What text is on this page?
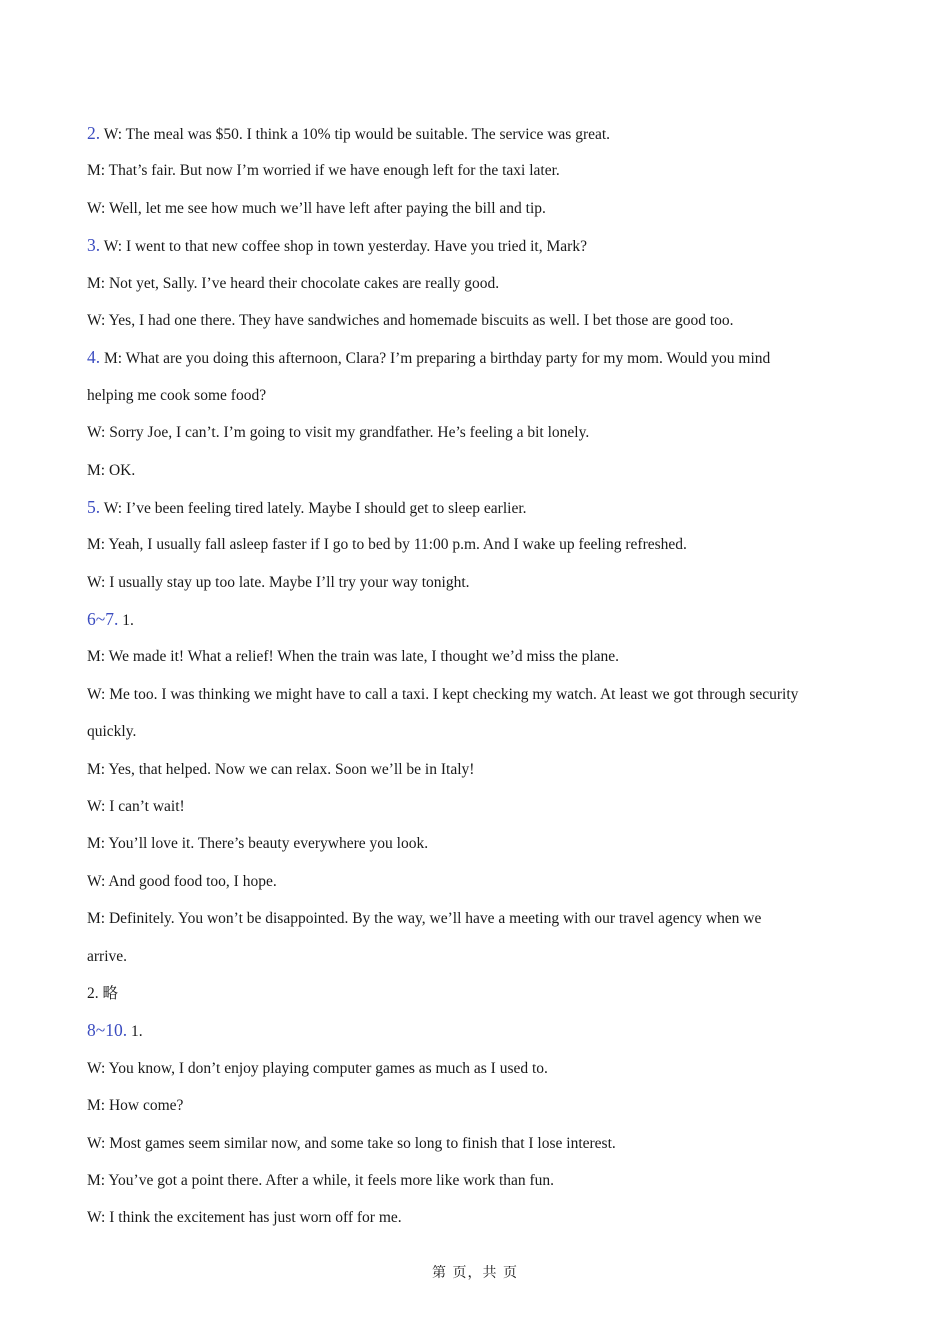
2. W: The meal was $50. I think a 10% tip would be suitable. The service was great.
M: That’s fair. But now I’m worried if we have enough left for the taxi later.
W: Well, let me see how much we’ll have left after paying the bill and tip.
3. W: I went to that new coffee shop in town yesterday. Have you tried it, Mark?
M: Not yet, Sally. I’ve heard their chocolate cakes are really good.
W: Yes, I had one there. They have sandwiches and homemade biscuits as well. I bet those are good too.
4. M: What are you doing this afternoon, Clara? I’m preparing a birthday party for my mom. Would you mind
helping me cook some food?
W: Sorry Joe, I can’t. I’m going to visit my grandfather. He’s feeling a bit lonely.
M: OK.
5. W: I’ve been feeling tired lately. Maybe I should get to sleep earlier.
M: Yeah, I usually fall asleep faster if I go to bed by 11:00 p.m. And I wake up feeling refreshed.
W: I usually stay up too late. Maybe I’ll try your way tonight.
6~7. 1.
M: We made it! What a relief! When the train was late, I thought we’d miss the plane.
W: Me too. I was thinking we might have to call a taxi. I kept checking my watch. At least we got through security
quickly.
M: Yes, that helped. Now we can relax. Soon we’ll be in Italy!
W: I can’t wait!
M: You’ll love it. There’s beauty everywhere you look.
W: And good food too, I hope.
M: Definitely. You won’t be disappointed. By the way, we’ll have a meeting with our travel agency when we
arrive.
2. 略
8~10. 1.
W: You know, I don’t enjoy playing computer games as much as I used to.
M: How come?
W: Most games seem similar now, and some take so long to finish that I lose interest.
M: You’ve got a point there. After a while, it feels more like work than fun.
W: I think the excitement has just worn off for me.
第 页，共 页
